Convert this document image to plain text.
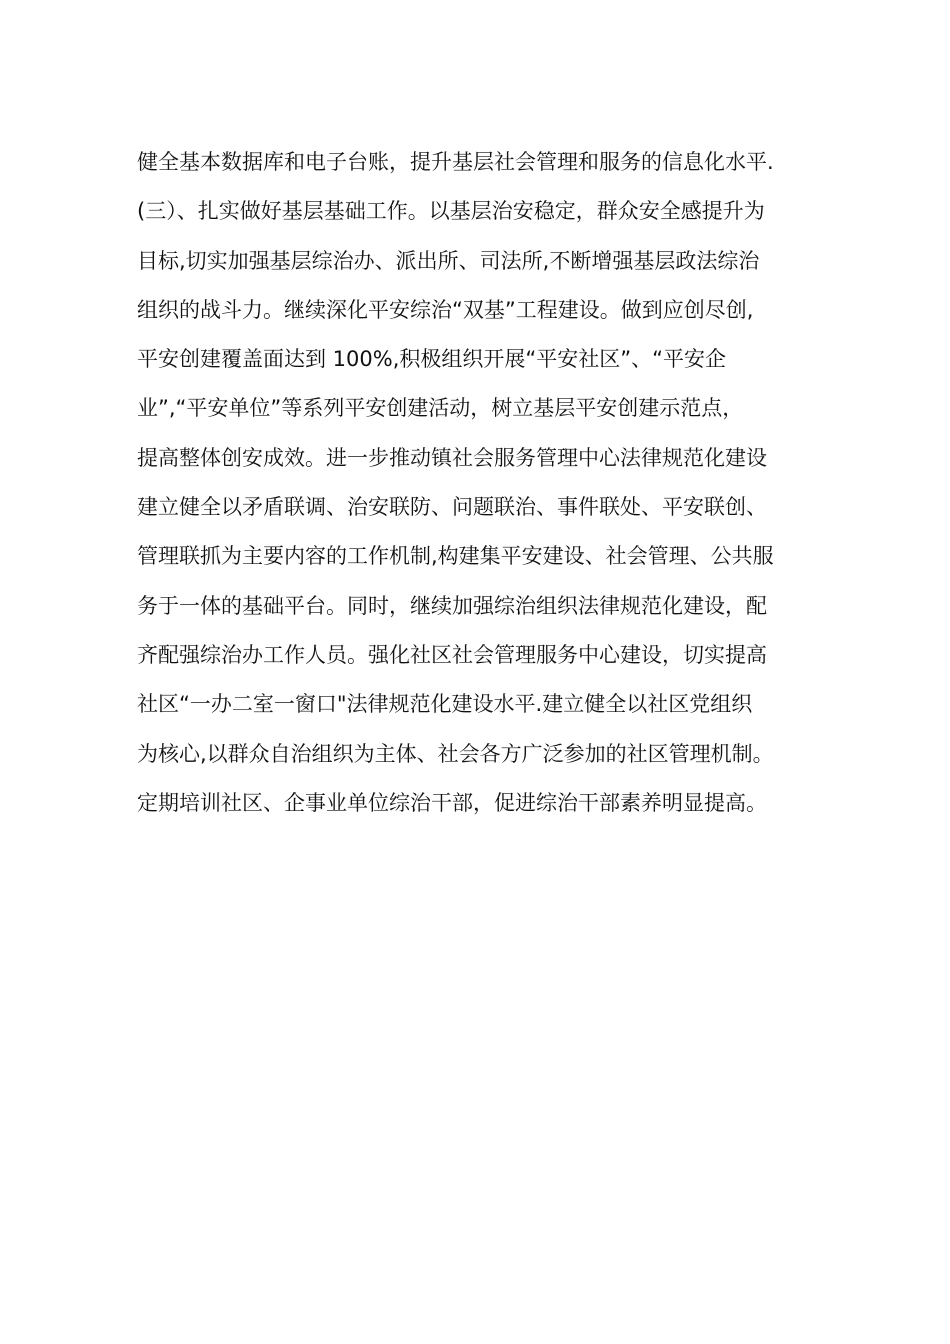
健全基本数据库和电子台账，提升基层社会管理和服务的信息化水平.
(三）、扎实做好基层基础工作。以基层治安稳定，群众安全感提升为
目标,切实加强基层综治办、派出所、司法所,不断增强基层政法综治
组织的战斗力。继续深化平安综治“双基”工程建设。做到应创尽创,
平安创建覆盖面达到 100%,积极组织开展“平安社区”、“平安企
业”,“平安单位”等系列平安创建活动，树立基层平安创建示范点，
提高整体创安成效。进一步推动镇社会服务管理中心法律规范化建设
建立健全以矛盾联调、治安联防、问题联治、事件联处、平安联创、
管理联抓为主要内容的工作机制,构建集平安建设、社会管理、公共服
务于一体的基础平台。同时，继续加强综治组织法律规范化建设，配
齐配强综治办工作人员。强化社区社会管理服务中心建设，切实提高
社区“一办二室一窗口"法律规范化建设水平.建立健全以社区党组织
为核心,以群众自治组织为主体、社会各方广泛参加的社区管理机制。
定期培训社区、企事业单位综治干部，促进综治干部素养明显提高。
